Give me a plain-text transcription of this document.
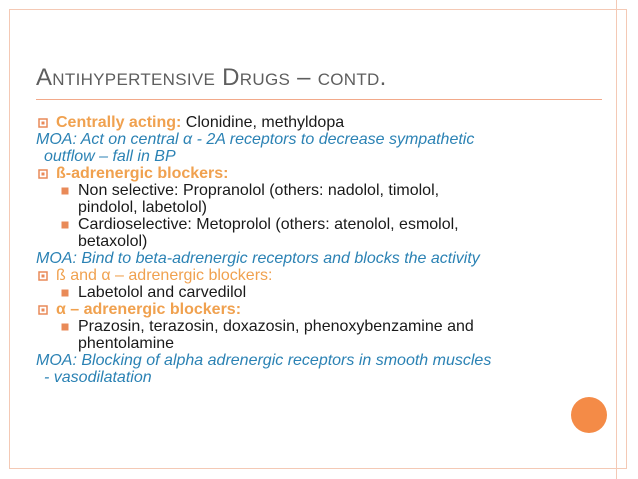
Antihypertensive Drugs – contd.
Centrally acting: Clonidine, methyldopa
MOA: Act on central α - 2A receptors to decrease sympathetic
outflow – fall in BP
ß-adrenergic blockers:
Non selective: Propranolol (others: nadolol, timolol,
pindolol, labetolol)
Cardioselective: Metoprolol (others: atenolol, esmolol,
betaxolol)
MOA: Bind to beta-adrenergic receptors and blocks the activity
ß and α – adrenergic blockers:
Labetolol and carvedilol
α – adrenergic blockers:
Prazosin, terazosin, doxazosin, phenoxybenzamine and
phentolamine
MOA: Blocking of alpha adrenergic receptors in smooth muscles
- vasodilatation
